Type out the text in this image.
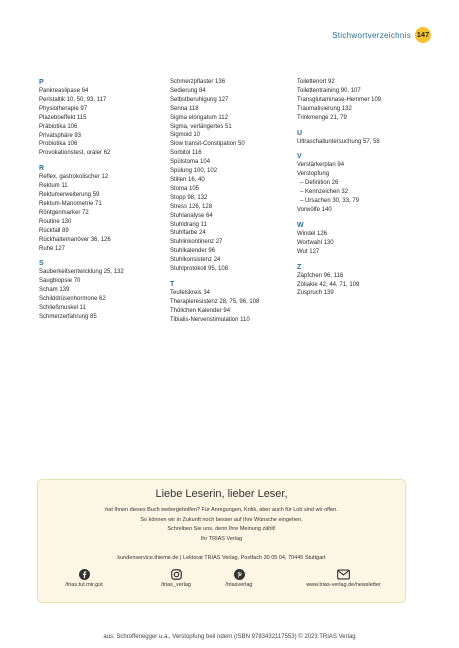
Stichwortverzeichnis 147
P
Pankreaslipase 64
Peristaltik 10, 50, 93, 117
Physiotherapie 97
Plazeboeffekt 115
Präbiotika 106
Privatsphäre 93
Probiotika 106
Provokationstest, oraler 62
R
Reflex, gastrokolischer 12
Rektum 11
Rektumerweiterung 59
Rektum-Manometrie 71
Röntgenmarker 72
Routine 130
Rückfall 89
Rückhaltemanöver 36, 126
Ruhe 127
S
Sauberkeitsentwicklung 25, 132
Saugbiopsie 70
Scham 139
Schilddrüsenhormone 62
Schließmuskel 11
Schmerzerfahrung 85
Schmerzpflaster 136
Sedierung 84
Selbstberuhigung 127
Senna 118
Sigma elongatum 112
Sigma, verlängertes 51
Sigmoid 10
Slow transit-Constipation 50
Sorbitol 116
Spülstoma 104
Spülung 100, 102
Stillen 16, 40
Stoma 105
Stopp 98, 132
Stress 126, 128
Stuhlanalyse 64
Stuhldrang 11
Stuhlfarbe 24
Stuhlinkontinenz 27
Stuhlkalender 96
Stuhlkonsistenz 24
Stuhlprotokoll 95, 108
T
Teufelskreis 34
Therapieresistenz 28, 75, 96, 108
Thölichen Kalender 94
Tibialis-Nervenstimulation 110
Toilettenort 92
Toilettentraining 90, 107
Transglutaminase-Hemmer 109
Traumatisierung 132
Trinkmenge 21, 79
U
Ultraschalluntersuchung 57, 58
V
Verstärkerplan 94
Verstopfung
– Definition 26
– Kennzeichen 32
– Ursachen 30, 33, 79
Vorwölfe 140
W
Windel 126
Wortwahl 130
Wut 127
Z
Zäpfchen 96, 116
Zöliakie 42, 44, 71, 109
Zuspruch 139
Liebe Leserin, lieber Leser,
hat Ihnen dieses Buch weitergeholfen? Für Anregungen, Kritik, aber auch für Lob sind wir offen.
So können wir in Zukunft noch besser auf Ihre Wünsche eingehen.
Schreiben Sie uns, denn Ihre Meinung zählt!
Ihr TRIAS Verlag
kundenservice.thieme.de | Lektorat TRIAS Verlag, Postfach 30 05 04, 70445 Stuttgart
/trias.tut.mir.gut	/trias_verlag	/triasverlag	www.trias-verlag.de/newsletter
aus: Schroffenegger u.a., Verstopfung beil ndern (ISBN 9783432117553) © 2023 TRIAS Verlag
